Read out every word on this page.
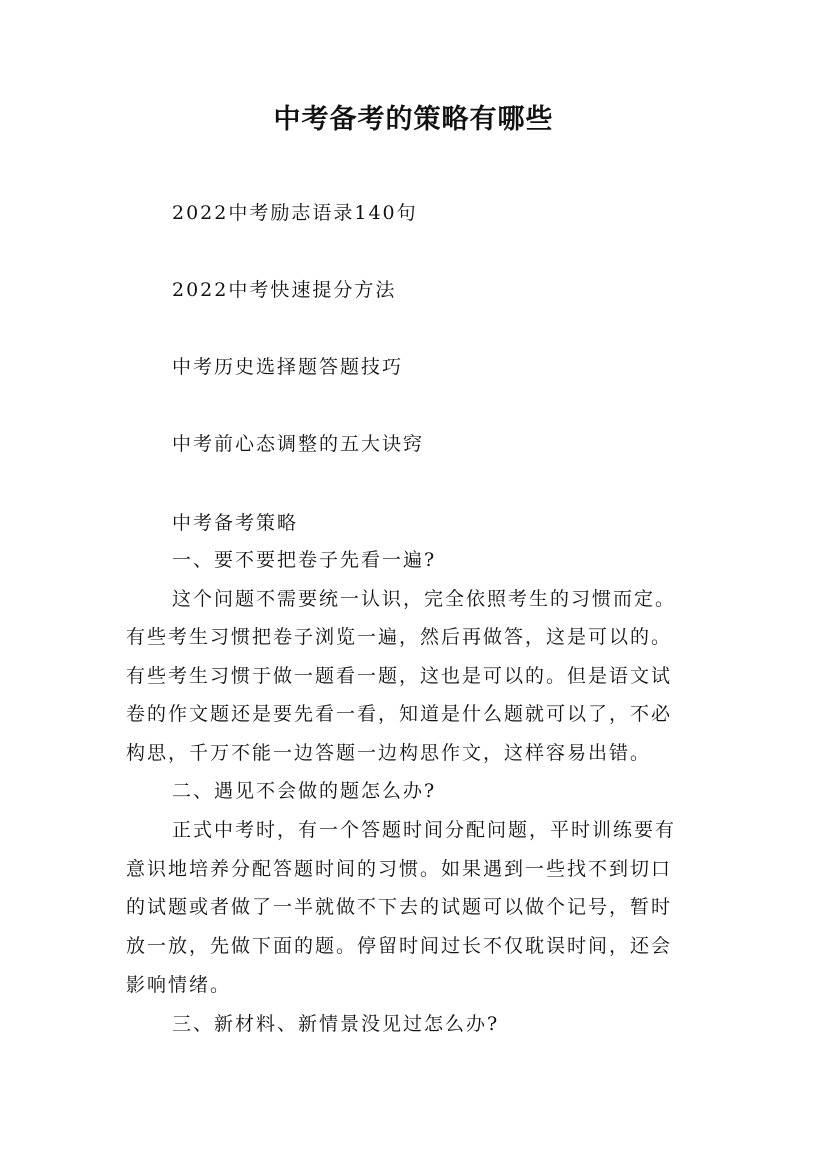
中考备考的策略有哪些
2022中考励志语录140句
2022中考快速提分方法
中考历史选择题答题技巧
中考前心态调整的五大诀窍
中考备考策略
一、要不要把卷子先看一遍?
这个问题不需要统一认识，完全依照考生的习惯而定。
有些考生习惯把卷子浏览一遍，然后再做答，这是可以的。
有些考生习惯于做一题看一题，这也是可以的。但是语文试
卷的作文题还是要先看一看，知道是什么题就可以了，不必
构思，千万不能一边答题一边构思作文，这样容易出错。
二、遇见不会做的题怎么办?
正式中考时，有一个答题时间分配问题，平时训练要有
意识地培养分配答题时间的习惯。如果遇到一些找不到切口
的试题或者做了一半就做不下去的试题可以做个记号，暂时
放一放，先做下面的题。停留时间过长不仅耽误时间，还会
影响情绪。
三、新材料、新情景没见过怎么办?
